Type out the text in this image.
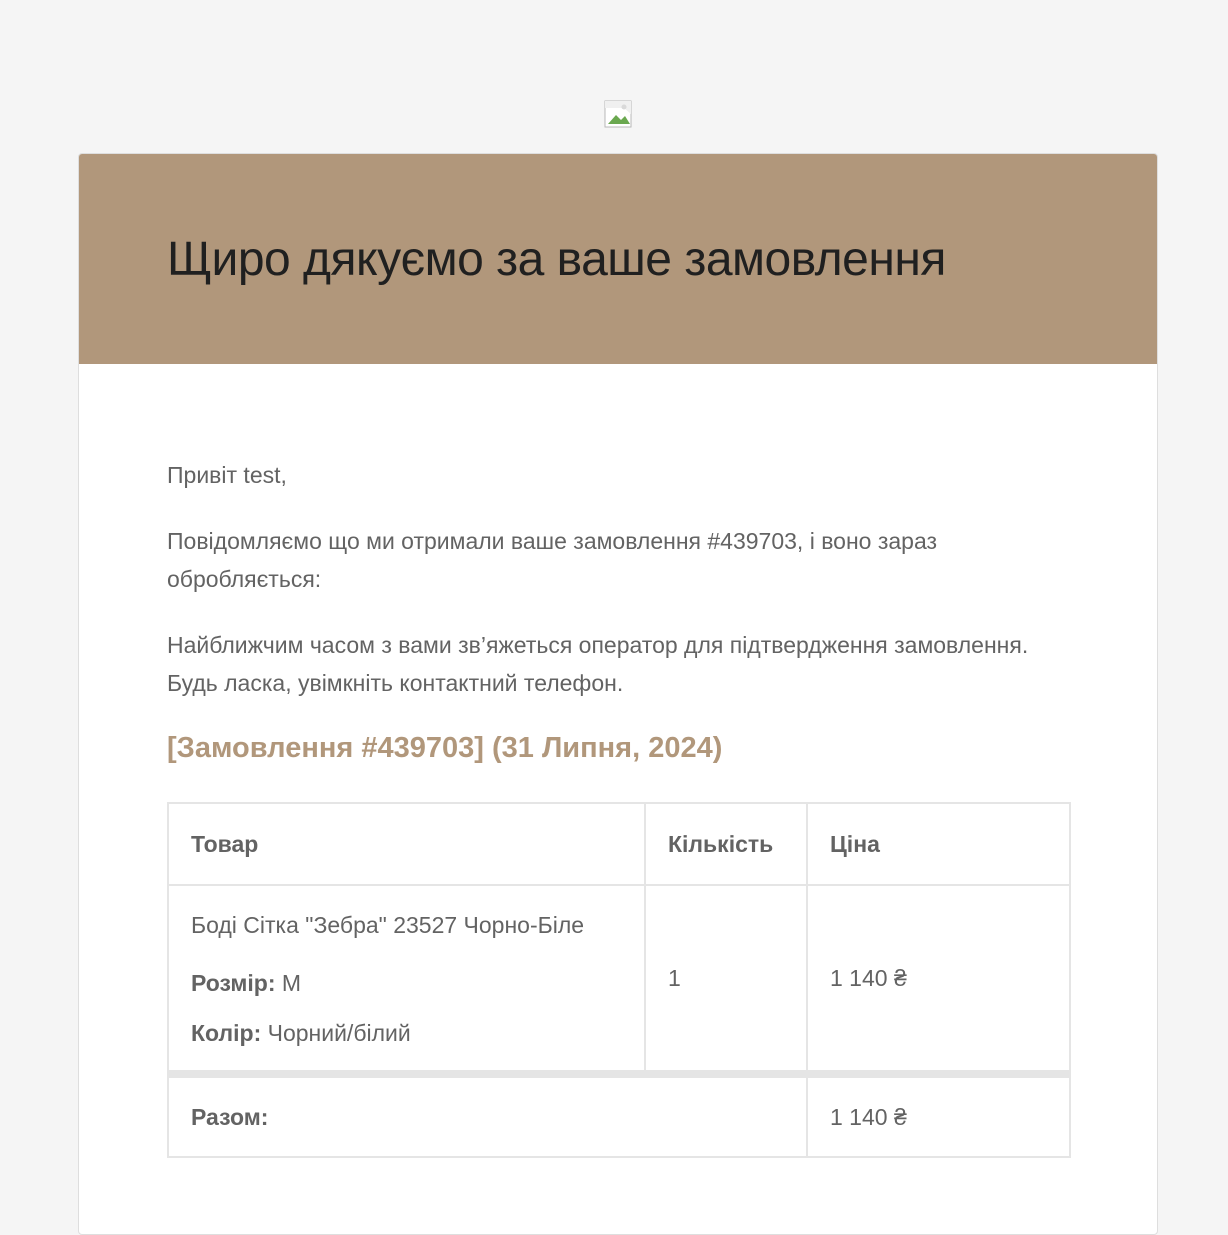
Щиро дякуємо за ваше замовлення

Привіт test,

Повідомляємо що ми отримали ваше замовлення #439703, і воно зараз обробляється:

Найближчим часом з вами зв’яжеться оператор для підтвердження замовлення. Будь ласка, увімкніть контактний телефон.

[Замовлення #439703] (31 Липня, 2024)
Товар	Кількість	Ціна

Боді Сітка "Зебра" 23527 Чорно-Біле
Розмір: M
Колір: Чорний/білий	1	1 140 ₴
Разом:		1 140 ₴
